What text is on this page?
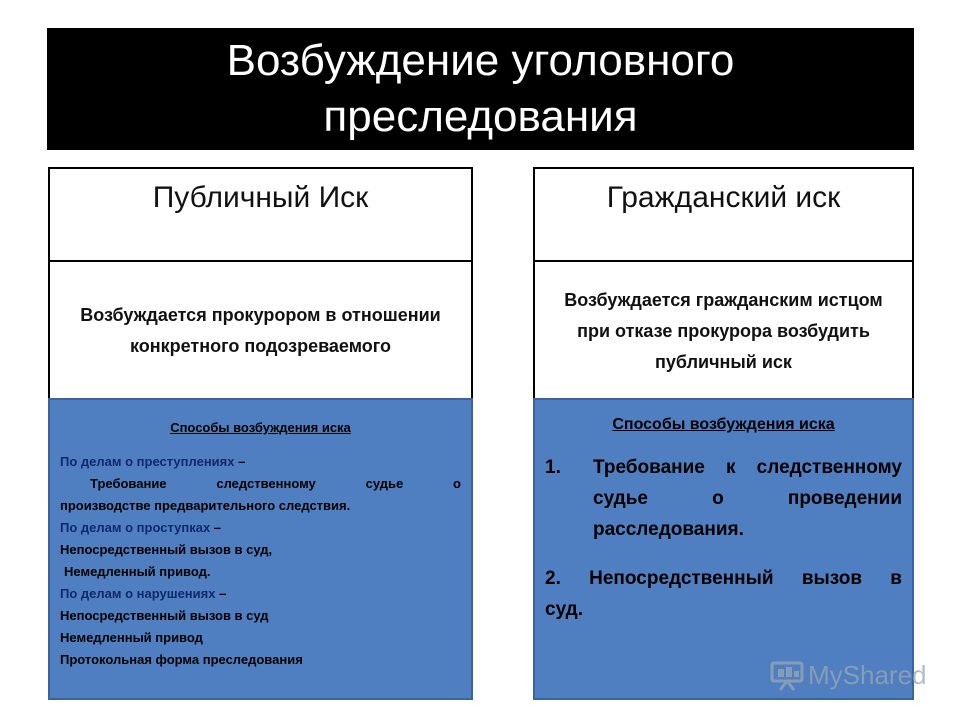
Возбуждение уголовного
преследования
Публичный Иск
Возбуждается прокурором в отношении конкретного подозреваемого
Способы возбуждения иска
По делам о преступлениях –
Требование следственному судье о
производстве предварительного следствия.
По делам о проступках –
Непосредственный вызов в суд,
Немедленный привод.
По делам о нарушениях –
Непосредственный вызов в суд
Немедленный привод
Протокольная форма преследования
Гражданский иск
Возбуждается гражданским истцом при отказе прокурора возбудить публичный иск
Способы возбуждения иска
1.	Требование к следственному судье о проведении расследования.
2. Непосредственный вызов в
суд.
MyShared
